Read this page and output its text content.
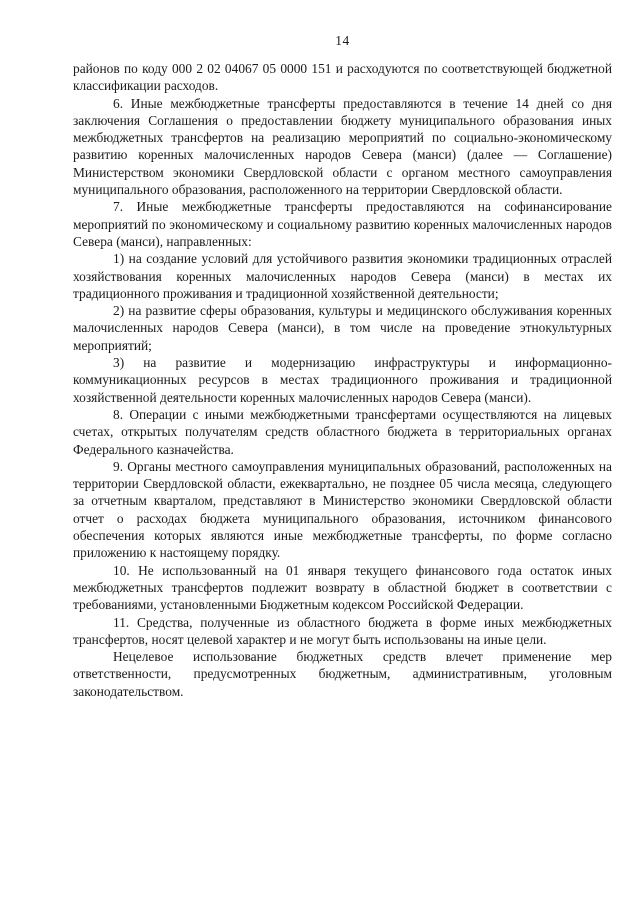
14

районов по коду 000 2 02 04067 05 0000 151 и расходуются по соответствующей бюджетной классификации расходов.

6. Иные межбюджетные трансферты предоставляются в течение 14 дней со дня заключения Соглашения о предоставлении бюджету муниципального образования иных межбюджетных трансфертов на реализацию мероприятий по социально-экономическому развитию коренных малочисленных народов Севера (манси) (далее — Соглашение) Министерством экономики Свердловской области с органом местного самоуправления муниципального образования, расположенного на территории Свердловской области.

7. Иные межбюджетные трансферты предоставляются на софинансирование мероприятий по экономическому и социальному развитию коренных малочисленных народов Севера (манси), направленных:

1) на создание условий для устойчивого развития экономики традиционных отраслей хозяйствования коренных малочисленных народов Севера (манси) в местах их традиционного проживания и традиционной хозяйственной деятельности;

2) на развитие сферы образования, культуры и медицинского обслуживания коренных малочисленных народов Севера (манси), в том числе на проведение этнокультурных мероприятий;

3) на развитие и модернизацию инфраструктуры и информационно-коммуникационных ресурсов в местах традиционного проживания и традиционной хозяйственной деятельности коренных малочисленных народов Севера (манси).

8. Операции с иными межбюджетными трансфертами осуществляются на лицевых счетах, открытых получателям средств областного бюджета в территориальных органах Федерального казначейства.

9. Органы местного самоуправления муниципальных образований, расположенных на территории Свердловской области, ежеквартально, не позднее 05 числа месяца, следующего за отчетным кварталом, представляют в Министерство экономики Свердловской области отчет о расходах бюджета муниципального образования, источником финансового обеспечения которых являются иные межбюджетные трансферты, по форме согласно приложению к настоящему порядку.

10. Не использованный на 01 января текущего финансового года остаток иных межбюджетных трансфертов подлежит возврату в областной бюджет в соответствии с требованиями, установленными Бюджетным кодексом Российской Федерации.

11. Средства, полученные из областного бюджета в форме иных межбюджетных трансфертов, носят целевой характер и не могут быть использованы на иные цели.

Нецелевое использование бюджетных средств влечет применение мер ответственности, предусмотренных бюджетным, административным, уголовным законодательством.
